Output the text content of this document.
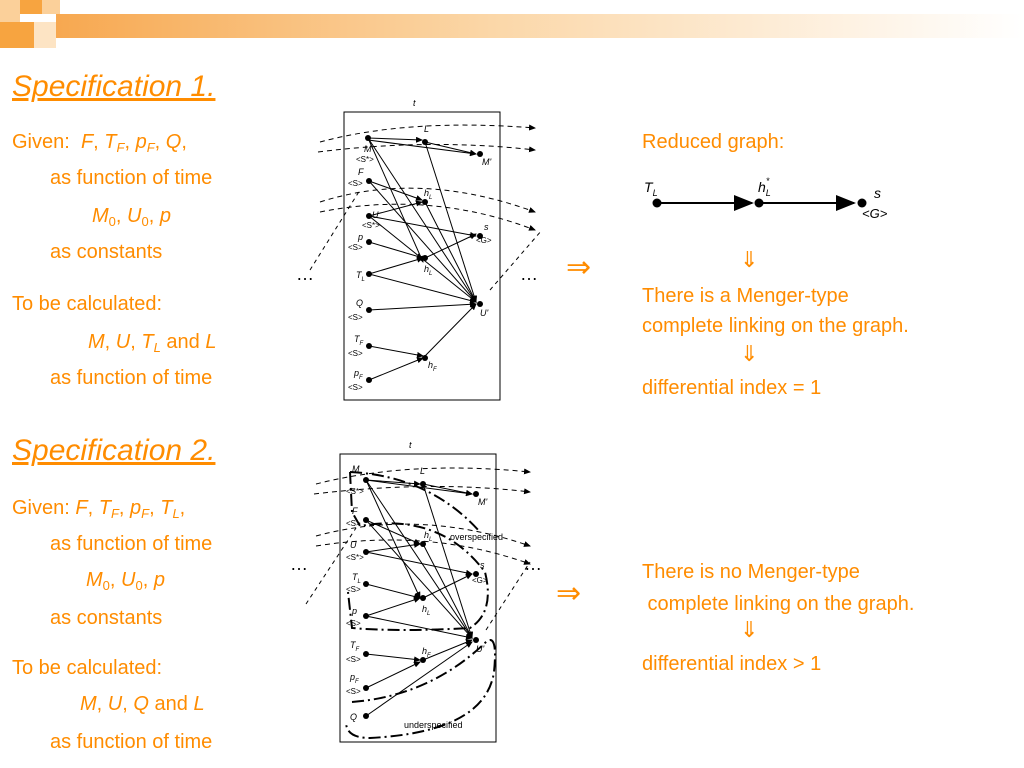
Specification 1.
Given: F, $T_F$, $p_F$, Q,
as function of time
$M_0$, $U_0$, p
as constants
To be calculated:
M, U, $T_L$ and L
as function of time
Specification 2.
Given: F, $T_F$, $p_F$, $T_L$,
as function of time
$M_0$, $U_0$, p
as constants
To be calculated:
M, U, Q and L
as function of time
t
M
L
M'
F
$h_L$
U
s
p
$h_L$
$T_L$
Q
U'
$T_F$
$h_F$
$p_F$
<S*>
<S>
<S*>
<G>
<S>
<S>
<S>
<S>
…	… ⇒
t
M	L
M'
F
$h_L$
U
s
$T_L$
$h_L$
p
U'
$T_F$	$h_F$
$p_F$
Q
<S*>
<S>
<S*>
<G>
<S>
<S>
<S>
<S>
overspecified
underspecified
…	…
⇒
Reduced graph:
$T_L$	$h_L*$
s
<G>
⇓
There is a Menger-type
complete linking on the graph.
⇓
differential index = 1
There is no Menger-type
complete linking on the graph.
⇓
differential index > 1
